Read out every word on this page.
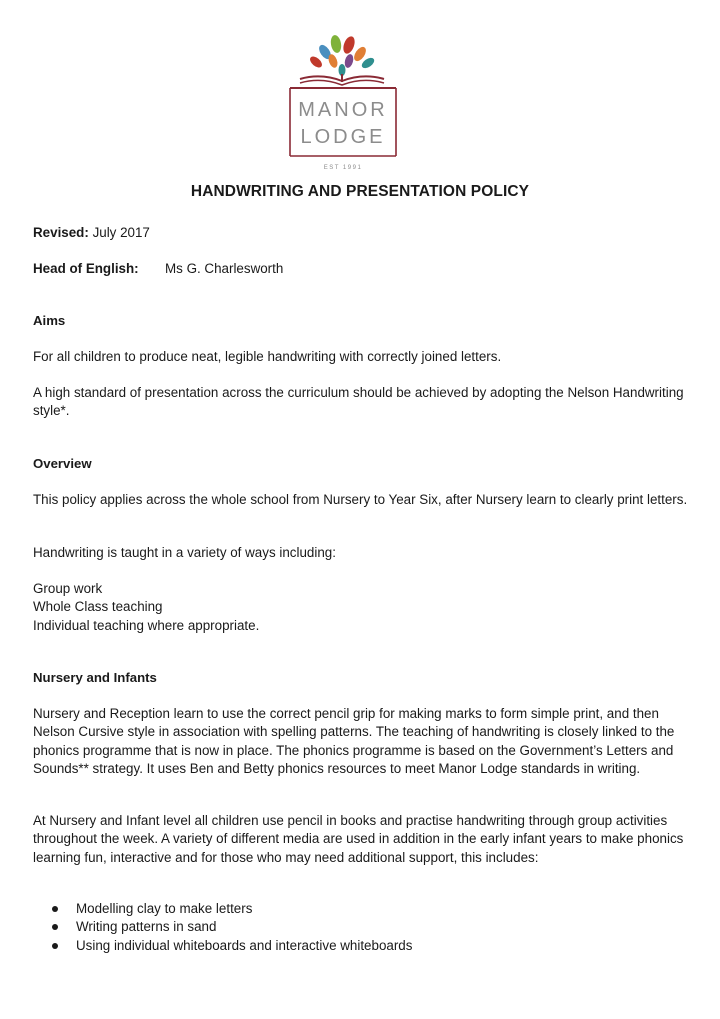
MANOR
LODGE
EST 1991
HANDWRITING AND PRESENTATION POLICY
Revised: July 2017
Head of English: Ms G. Charlesworth
Aims
For all children to produce neat, legible handwriting with correctly joined letters.
A high standard of presentation across the curriculum should be achieved by adopting the Nelson Handwriting style*.
Overview
This policy applies across the whole school from Nursery to Year Six, after Nursery learn to clearly print letters.
Handwriting is taught in a variety of ways including:
Group work
Whole Class teaching
Individual teaching where appropriate.
Nursery and Infants
Nursery and Reception learn to use the correct pencil grip for making marks to form simple print, and then Nelson Cursive style in association with spelling patterns. The teaching of handwriting is closely linked to the phonics programme that is now in place. The phonics programme is based on the Government’s Letters and Sounds** strategy. It uses Ben and Betty phonics resources to meet Manor Lodge standards in writing.
At Nursery and Infant level all children use pencil in books and practise handwriting through group activities throughout the week. A variety of different media are used in addition in the early infant years to make phonics learning fun, interactive and for those who may need additional support, this includes:
Modelling clay to make letters
Writing patterns in sand
Using individual whiteboards and interactive whiteboards
